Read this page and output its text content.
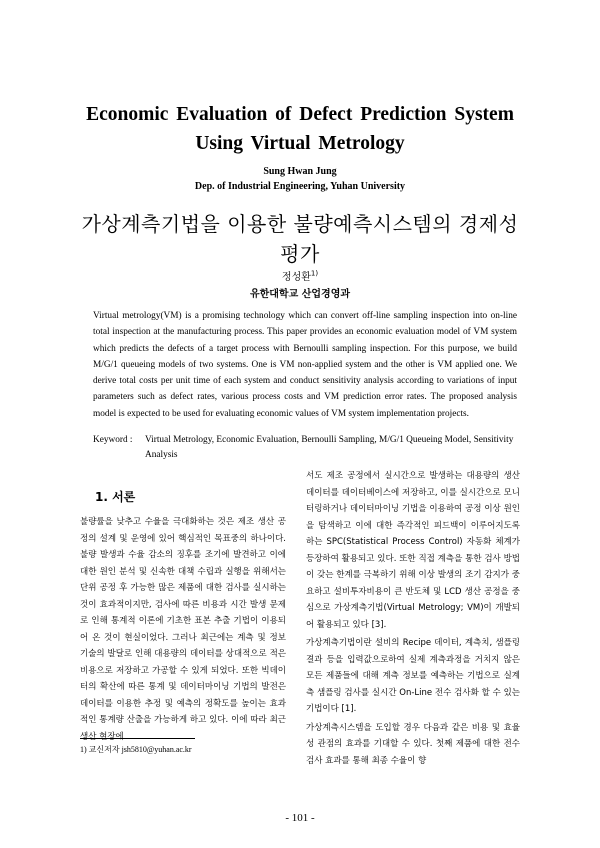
Economic Evaluation of Defect Prediction System
Using Virtual Metrology
Sung Hwan Jung
Dep. of Industrial Engineering, Yuhan University
가상계측기법을 이용한 불량예측시스템의 경제성
평가
정성환$^{1)}$
유한대학교 산업경영과
Virtual metrology(VM) is a promising technology which can convert off-line sampling inspection into on-line total inspection at the manufacturing process. This paper provides an economic evaluation model of VM system which predicts the defects of a target process with Bernoulli sampling inspection. For this purpose, we build M/G/1 queueing models of two systems. One is VM non-applied system and the other is VM applied one. We derive total costs per unit time of each system and conduct sensitivity analysis according to variations of input parameters such as defect rates, various process costs and VM prediction error rates. The proposed analysis model is expected to be used for evaluating economic values of VM system implementation projects.
Keyword : Virtual Metrology, Economic Evaluation, Bernoulli Sampling, M/G/1 Queueing Model, Sensitivity Analysis
1. 서론

불량률을 낮추고 수율을 극대화하는 것은 제조 생산 공정의 설계 및 운영에 있어 핵심적인 목표중의 하나이다. 불량 발생과 수율 감소의 징후를 조기에 발견하고 이에 대한 원인 분석 및 신속한 대책 수립과 실행을 위해서는 단위 공정 후 가능한 많은 제품에 대한 검사를 실시하는 것이 효과적이지만, 검사에 따른 비용과 시간 발생 문제로 인해 통계적 이론에 기초한 표본 추출 기법이 이용되어 온 것이 현실이었다. 그러나 최근에는 계측 및 정보 기술의 발달로 인해 대용량의 데이터를 상대적으로 적은 비용으로 저장하고 가공할 수 있게 되었다. 또한 빅데이터의 확산에 따른 통계 및 데이터마이닝 기법의 발전은 데이터를 이용한 추정 및 예측의 정확도를 높이는 효과적인 통계량 산출을 가능하게 하고 있다. 이에 따라 최근 생산 현장에

서도 제조 공정에서 실시간으로 발생하는 대용량의 생산 데이터를 데이터베이스에 저장하고, 이를 실시간으로 모니터링하거나 데이터마이닝 기법을 이용하여 공정 이상 원인을 탐색하고 이에 대한 즉각적인 피드백이 이루어지도록 하는 SPC(Statistical Process Control) 자동화 체계가 등장하여 활용되고 있다. 또한 직접 계측을 통한 검사 방법이 갖는 한계를 극복하기 위해 이상 발생의 조기 감지가 중요하고 설비투자비용이 큰 반도체 및 LCD 생산 공정을 중심으로 가상계측기법(Virtual Metrology; VM)이 개발되어 활용되고 있다 [3].

가상계측기법이란 설비의 Recipe 데이터, 계측치, 샘플링 결과 등을 입력값으로하여 실제 계측과정을 거치지 않은 모든 제품들에 대해 계측 정보를 예측하는 기법으로 실계측 샘플링 검사를 실시간 On-Line 전수 검사화 할 수 있는 기법이다 [1].

가상계측시스템을 도입할 경우 다음과 같은 비용 및 효율성 관점의 효과를 기대할 수 있다. 첫째 제품에 대한 전수 검사 효과를 통해 최종 수율이 향

1) 교신저자 jsh5810@yuhan.ac.kr
- 101 -
